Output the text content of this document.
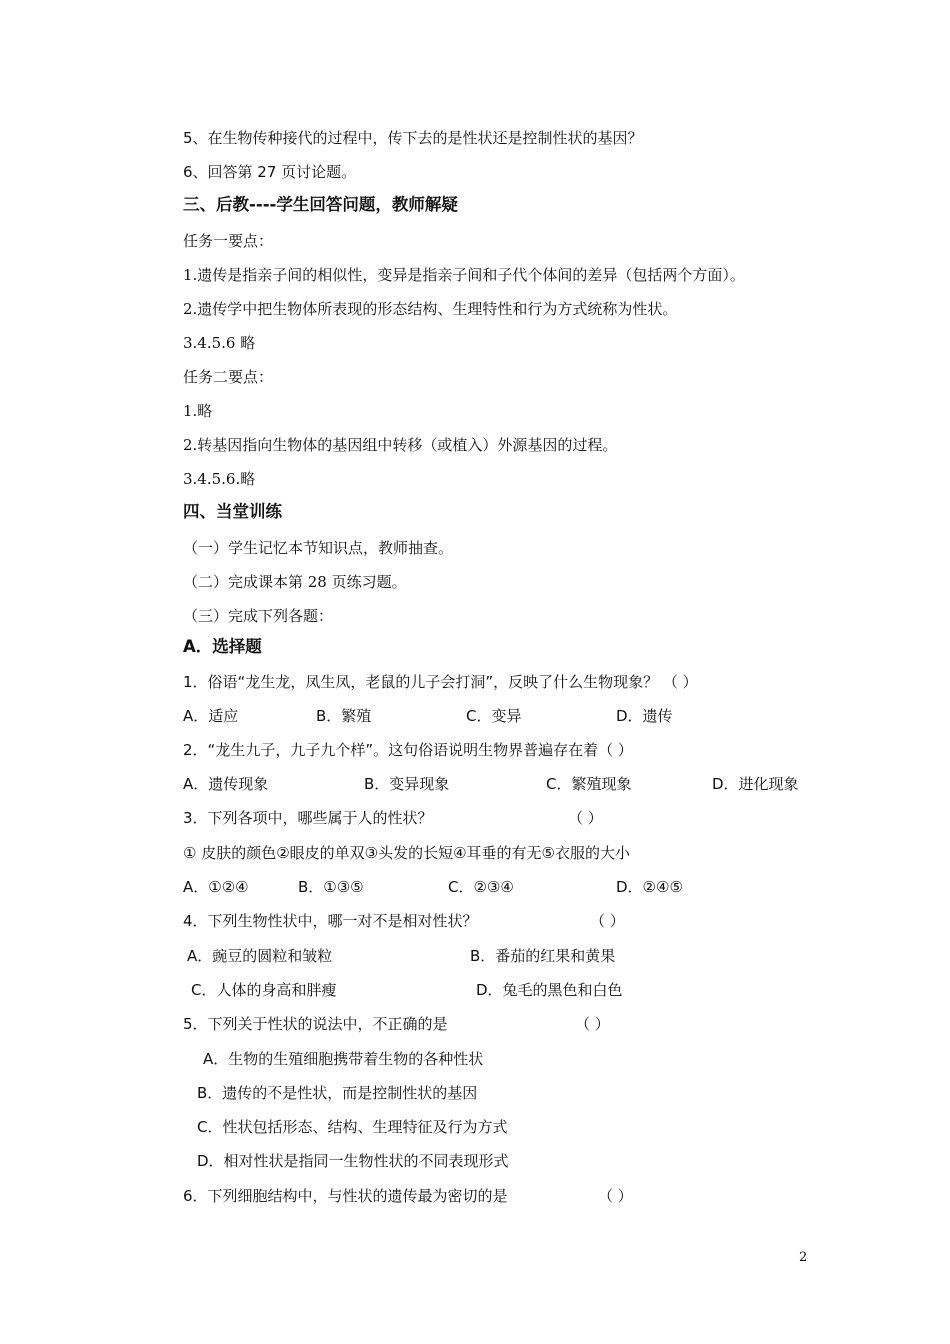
5、在生物传种接代的过程中，传下去的是性状还是控制性状的基因？
6、回答第 27 页讨论题。
三、后教----学生回答问题，教师解疑
任务一要点：
1.遗传是指亲子间的相似性，变异是指亲子间和子代个体间的差异（包括两个方面）。
2.遗传学中把生物体所表现的形态结构、生理特性和行为方式统称为性状。
3.4.5.6 略
任务二要点：
1.略
2.转基因指向生物体的基因组中转移（或植入）外源基因的过程。
3.4.5.6.略
四、当堂训练
（一）学生记忆本节知识点，教师抽查。
（二）完成课本第 28 页练习题。
（三）完成下列各题：
A．选择题
1．俗语“龙生龙，凤生凤，老鼠的儿子会打洞”，反映了什么生物现象？ （ ）
A．适应	B．繁殖	C．变异	D．遗传
2．“龙生九子，九子九个样”。这句俗语说明生物界普遍存在着（ ）
A．遗传现象	B．变异现象	C．繁殖现象	D．进化现象
3．下列各项中，哪些属于人的性状？	（ ）
① 皮肤的颜色②眼皮的单双③头发的长短④耳垂的有无⑤衣服的大小
A．①②④	B．①③⑤	C．②③④	D．②④⑤
4．下列生物性状中，哪一对不是相对性状？	（ ）
A．豌豆的圆粒和皱粒	B．番茄的红果和黄果
C．人体的身高和胖瘦	D．兔毛的黑色和白色
5．下列关于性状的说法中，不正确的是	（ ）
A．生物的生殖细胞携带着生物的各种性状
B．遗传的不是性状，而是控制性状的基因
C．性状包括形态、结构、生理特征及行为方式
D．相对性状是指同一生物性状的不同表现形式
6．下列细胞结构中，与性状的遗传最为密切的是	（ ）
2
